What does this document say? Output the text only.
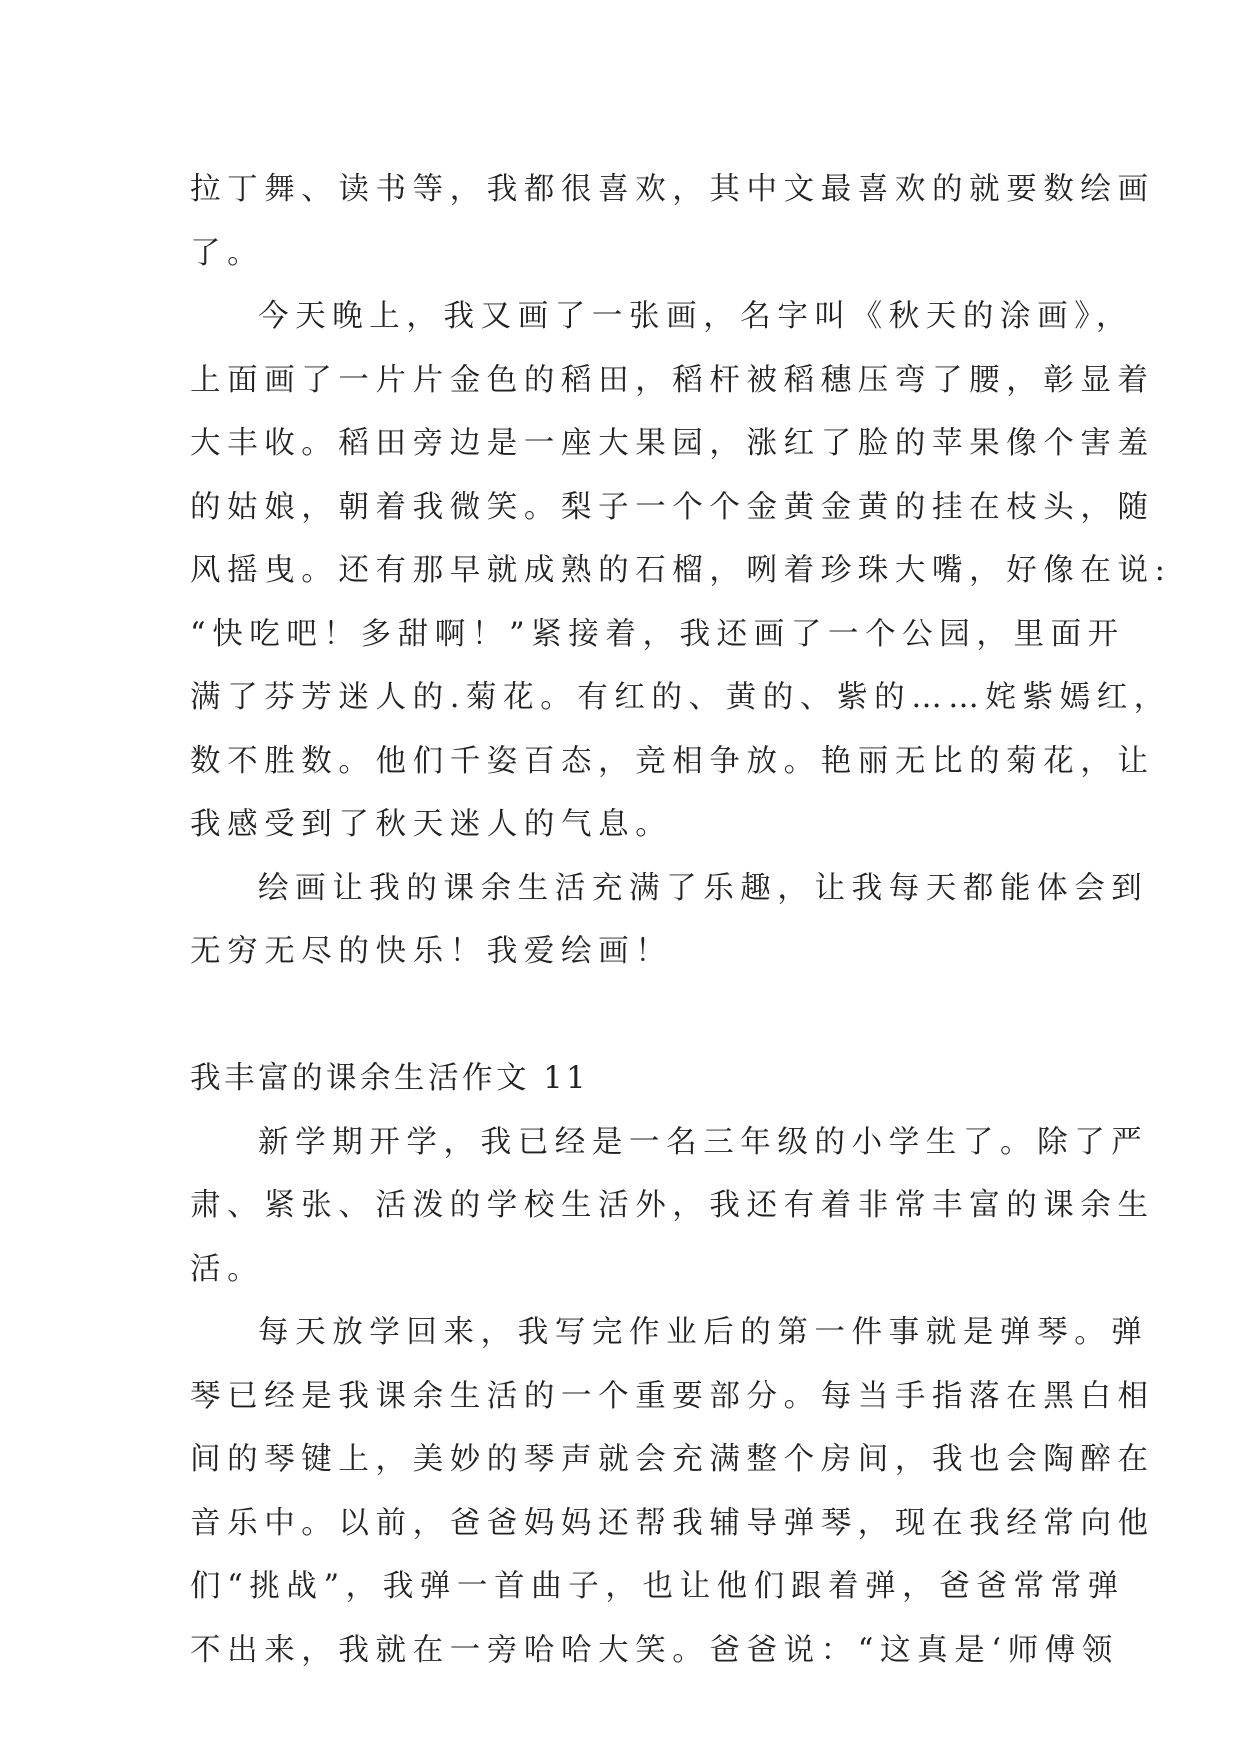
拉丁舞、读书等，我都很喜欢，其中文最喜欢的就要数绘画
了。
今天晚上，我又画了一张画，名字叫《秋天的涂画》，
上面画了一片片金色的稻田，稻杆被稻穗压弯了腰，彰显着
大丰收。稻田旁边是一座大果园，涨红了脸的苹果像个害羞
的姑娘，朝着我微笑。梨子一个个金黄金黄的挂在枝头，随
风摇曳。还有那早就成熟的石榴，咧着珍珠大嘴，好像在说:
“快吃吧！多甜啊！”紧接着，我还画了一个公园，里面开
满了芬芳迷人的.菊花。有红的、黄的、紫的……姹紫嫣红，
数不胜数。他们千姿百态，竞相争放。艳丽无比的菊花，让
我感受到了秋天迷人的气息。
绘画让我的课余生活充满了乐趣，让我每天都能体会到
无穷无尽的快乐！我爱绘画！
我丰富的课余生活作文 11
新学期开学，我已经是一名三年级的小学生了。除了严
肃、紧张、活泼的学校生活外，我还有着非常丰富的课余生
活。
每天放学回来，我写完作业后的第一件事就是弹琴。弹
琴已经是我课余生活的一个重要部分。每当手指落在黑白相
间的琴键上，美妙的琴声就会充满整个房间，我也会陶醉在
音乐中。以前，爸爸妈妈还帮我辅导弹琴，现在我经常向他
们“挑战”，我弹一首曲子，也让他们跟着弹，爸爸常常弹
不出来，我就在一旁哈哈大笑。爸爸说：“这真是‘师傅领
